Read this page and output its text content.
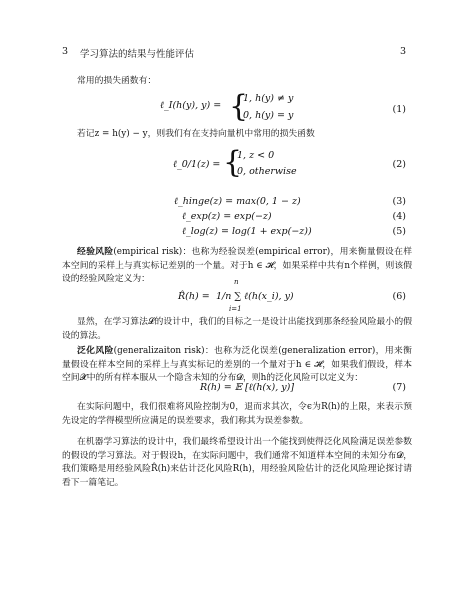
3 学习算法的结果与性能评估	3
常用的损失函数有：
ℓ_I(h(y), y) = {
1, h(y) ≠ y
0, h(y) = y
(1)
若记z = h(y) − y，则我们有在支持向量机中常用的损失函数
ℓ_0/1(z) = {
1, z < 0
0, otherwise
(2)
ℓ_hinge(z) = max(0, 1 − z)	(3)
ℓ_exp(z) = exp(−z)	(4)
ℓ_log(z) = log(1 + exp(−z))	(5)
经验风险(empirical risk)：也称为经验误差(empirical error)，用来衡量假设在样本空间的采样上与真实标记差别的一个量。对于h ∈ 𝓗，如果采样中共有n个样例，则该假设的经验风险定义为：
R̂(h) =
n
i=1
1/n ∑ ℓ(h(x_i), y)	(6)
显然，在学习算法𝓛的设计中，我们的目标之一是设计出能找到那条经验风险最小的假设的算法。
泛化风险(generalizaiton risk)：也称为泛化误差(generalization error)，用来衡量假设在样本空间的采样上与真实标记的差别的一个量对于h ∈ 𝓗，如果我们假设，样本空间𝓧中的所有样本服从一个隐含未知的分布𝓓，则h的泛化风险可以定义为：
R(h) = 𝔼 [ℓ(h(x), y)]	(7)
在实际问题中，我们很难将风险控制为0，退而求其次，令ϵ为R(h)的上限，来表示预先设定的学得模型所应满足的误差要求，我们称其为误差参数。
在机器学习算法的设计中，我们最终希望设计出一个能找到使得泛化风险满足误差参数的假设的学习算法。对于假设h，在实际问题中，我们通常不知道样本空间的未知分布𝓓，我们策略是用经验风险R̂(h)来估计泛化风险R(h)，用经验风险估计的泛化风险理论探讨请看下一篇笔记。
